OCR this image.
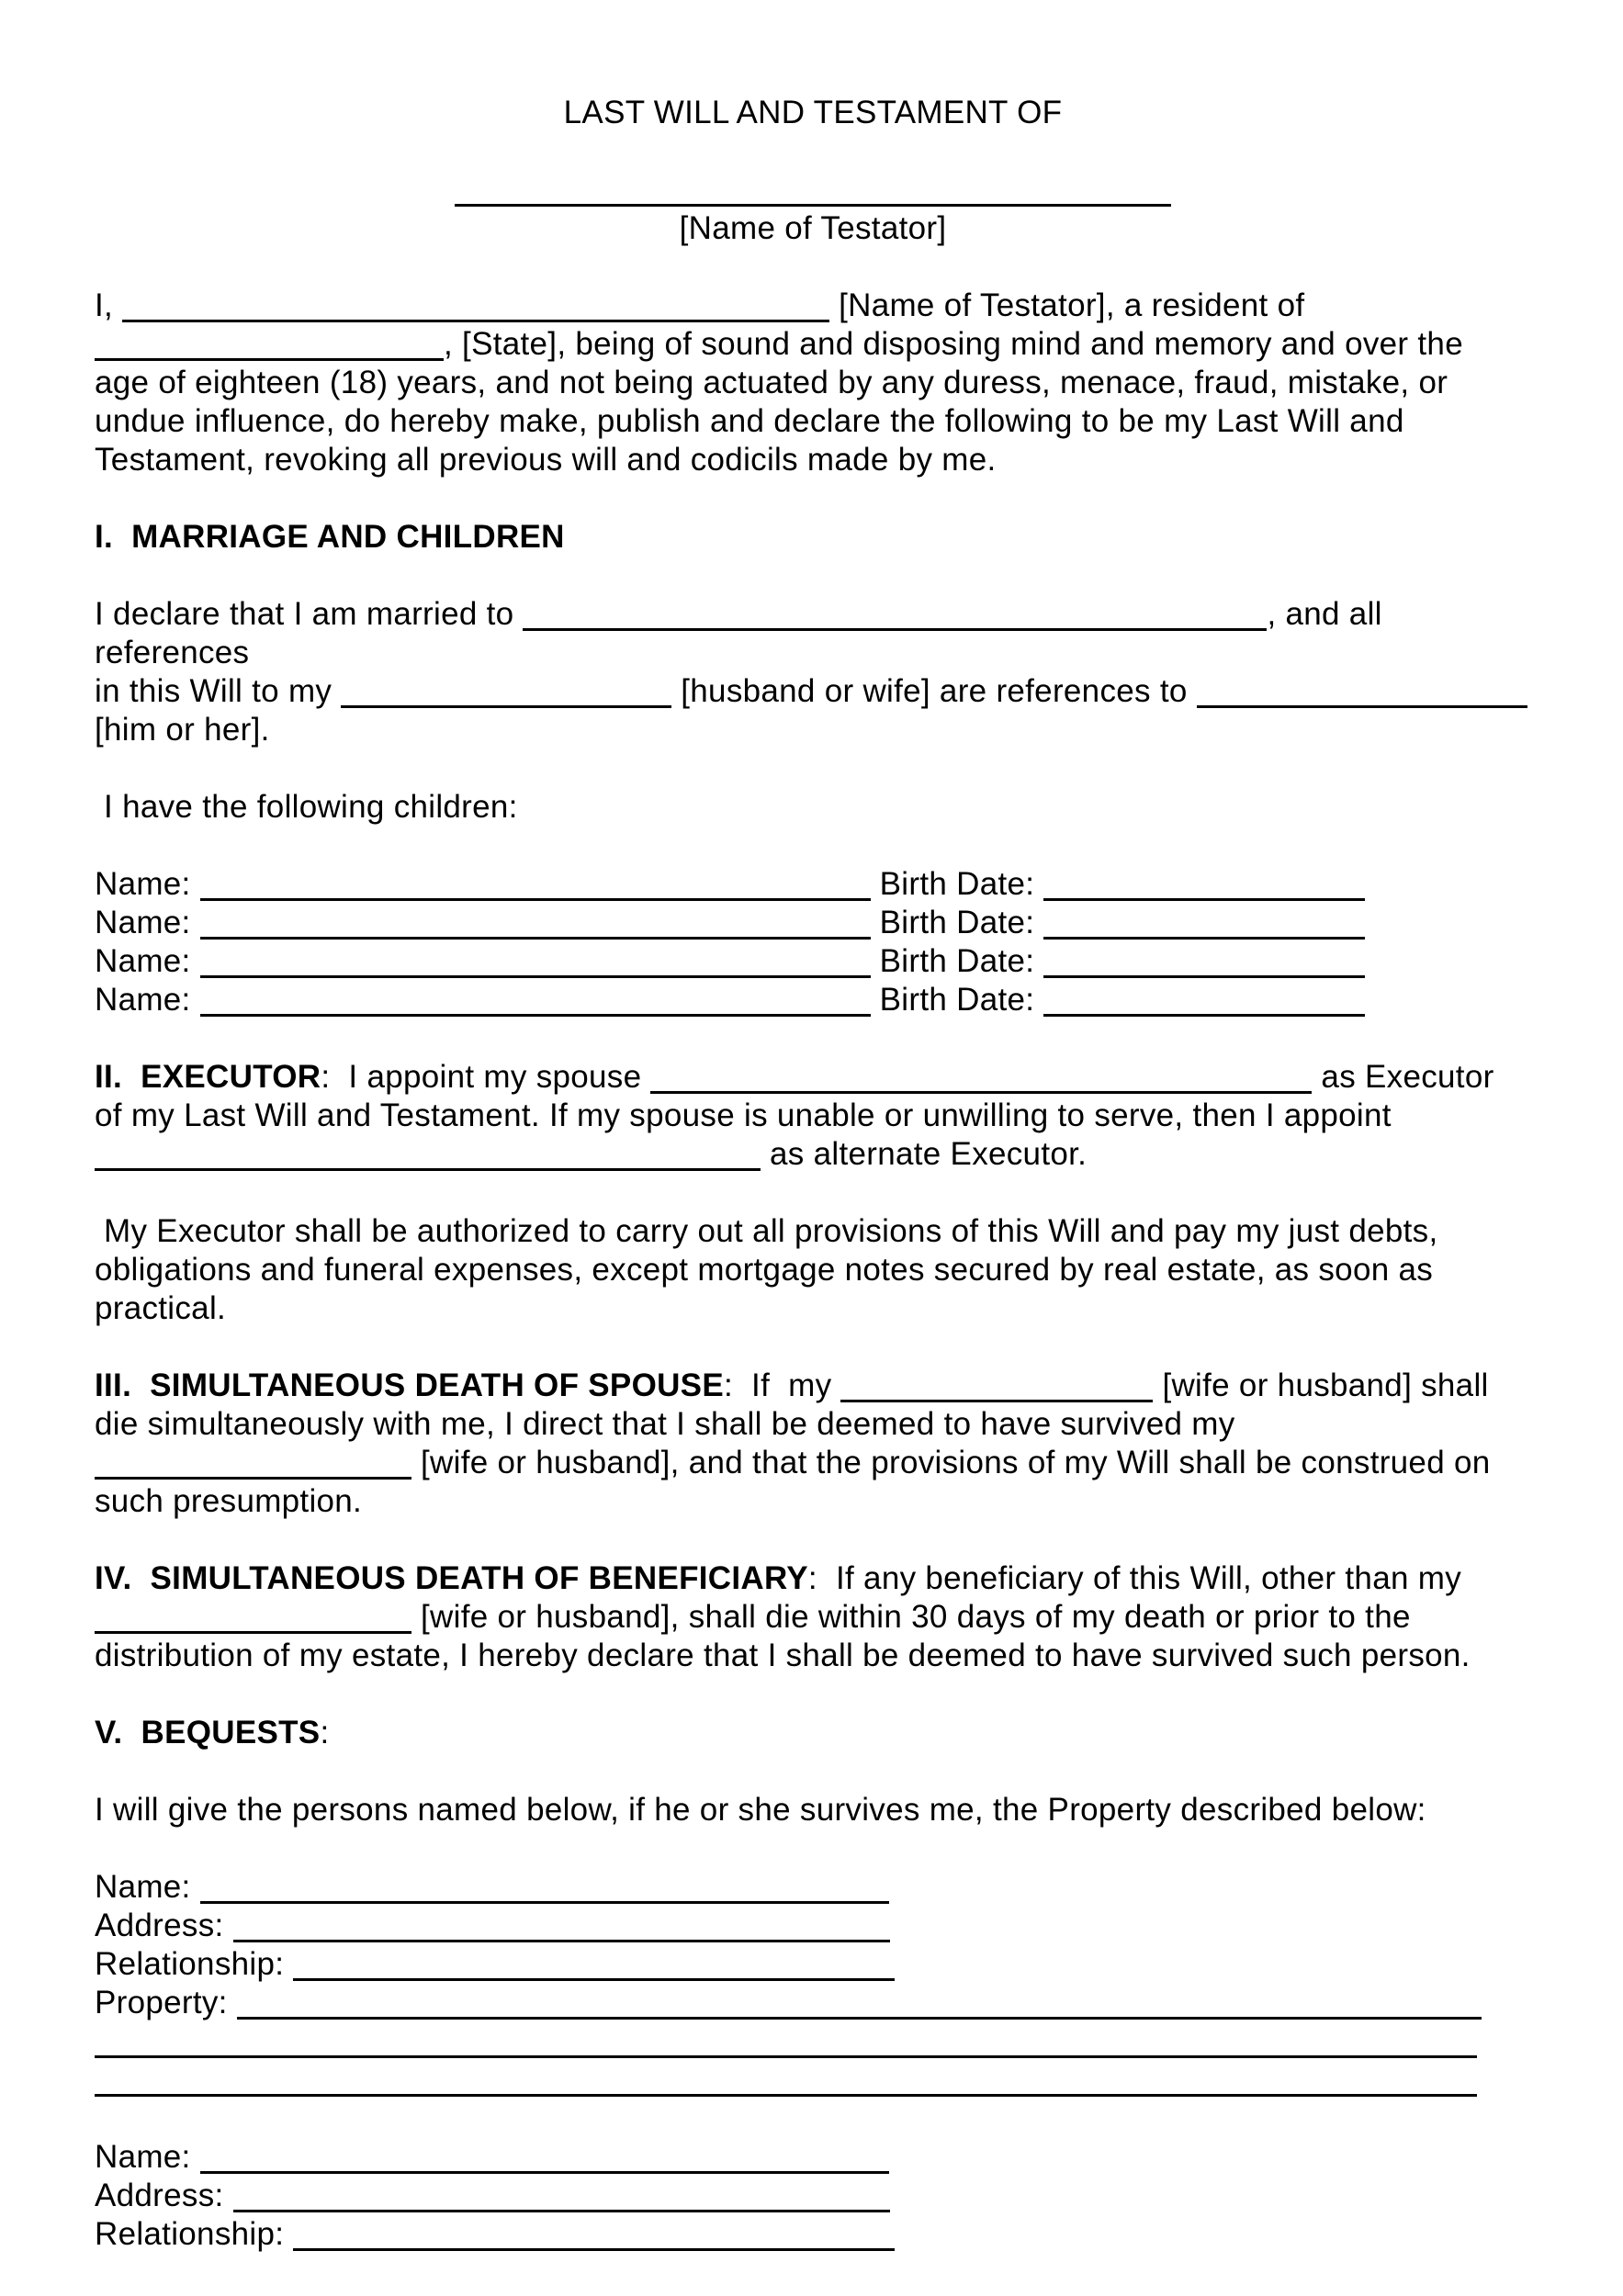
LAST WILL AND TESTAMENT OF

[Name of Testator]

I,	[Name of Testator], a resident of
, [State], being of sound and disposing mind and memory and over the
age of eighteen (18) years, and not being actuated by any duress, menace, fraud, mistake, or
undue influence, do hereby make, publish and declare the following to be my Last Will and
Testament, revoking all previous will and codicils made by me.

I.  MARRIAGE AND CHILDREN

I declare that I am married to	, and all references
in this Will to my	[husband or wife] are references to
[him or her].

I have the following children:

Name:	Birth Date:
Name:	Birth Date:
Name:	Birth Date:
Name:	Birth Date:

II.  EXECUTOR:  I appoint my spouse	as Executor
of my Last Will and Testament. If my spouse is unable or unwilling to serve, then I appoint
as alternate Executor.

My Executor shall be authorized to carry out all provisions of this Will and pay my just debts,
obligations and funeral expenses, except mortgage notes secured by real estate, as soon as
practical.

III.  SIMULTANEOUS DEATH OF SPOUSE:  If  my	[wife or husband] shall
die simultaneously with me, I direct that I shall be deemed to have survived my
[wife or husband], and that the provisions of my Will shall be construed on
such presumption.

IV.  SIMULTANEOUS DEATH OF BENEFICIARY:  If any beneficiary of this Will, other than my
[wife or husband], shall die within 30 days of my death or prior to the
distribution of my estate, I hereby declare that I shall be deemed to have survived such person.

V.  BEQUESTS:

I will give the persons named below, if he or she survives me, the Property described below:

Name:
Address:
Relationship:
Property:

Name:
Address:
Relationship:
